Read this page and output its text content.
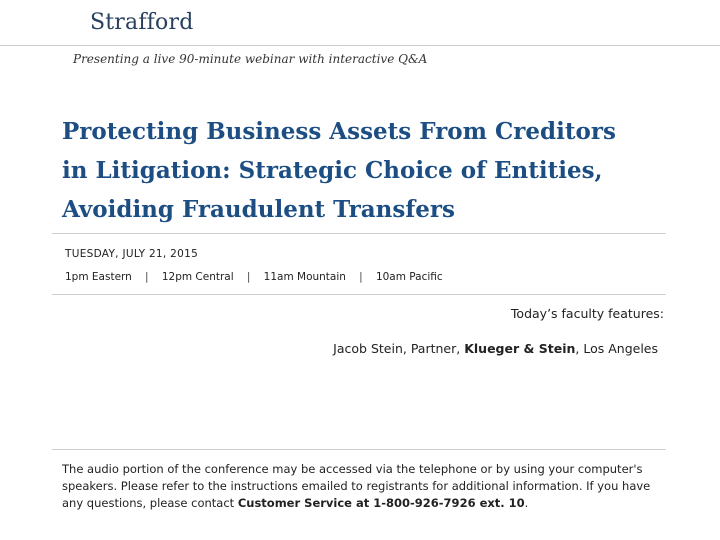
Strafford
Presenting a live 90-minute webinar with interactive Q&A
Protecting Business Assets From Creditors
in Litigation: Strategic Choice of Entities,
Avoiding Fraudulent Transfers
TUESDAY, JULY 21, 2015
1pm Eastern | 12pm Central | 11am Mountain | 10am Pacific
Today’s faculty features:
Jacob Stein, Partner, Klueger & Stein, Los Angeles
The audio portion of the conference may be accessed via the telephone or by using your computer's speakers. Please refer to the instructions emailed to registrants for additional information. If you have any questions, please contact Customer Service at 1-800-926-7926 ext. 10.
